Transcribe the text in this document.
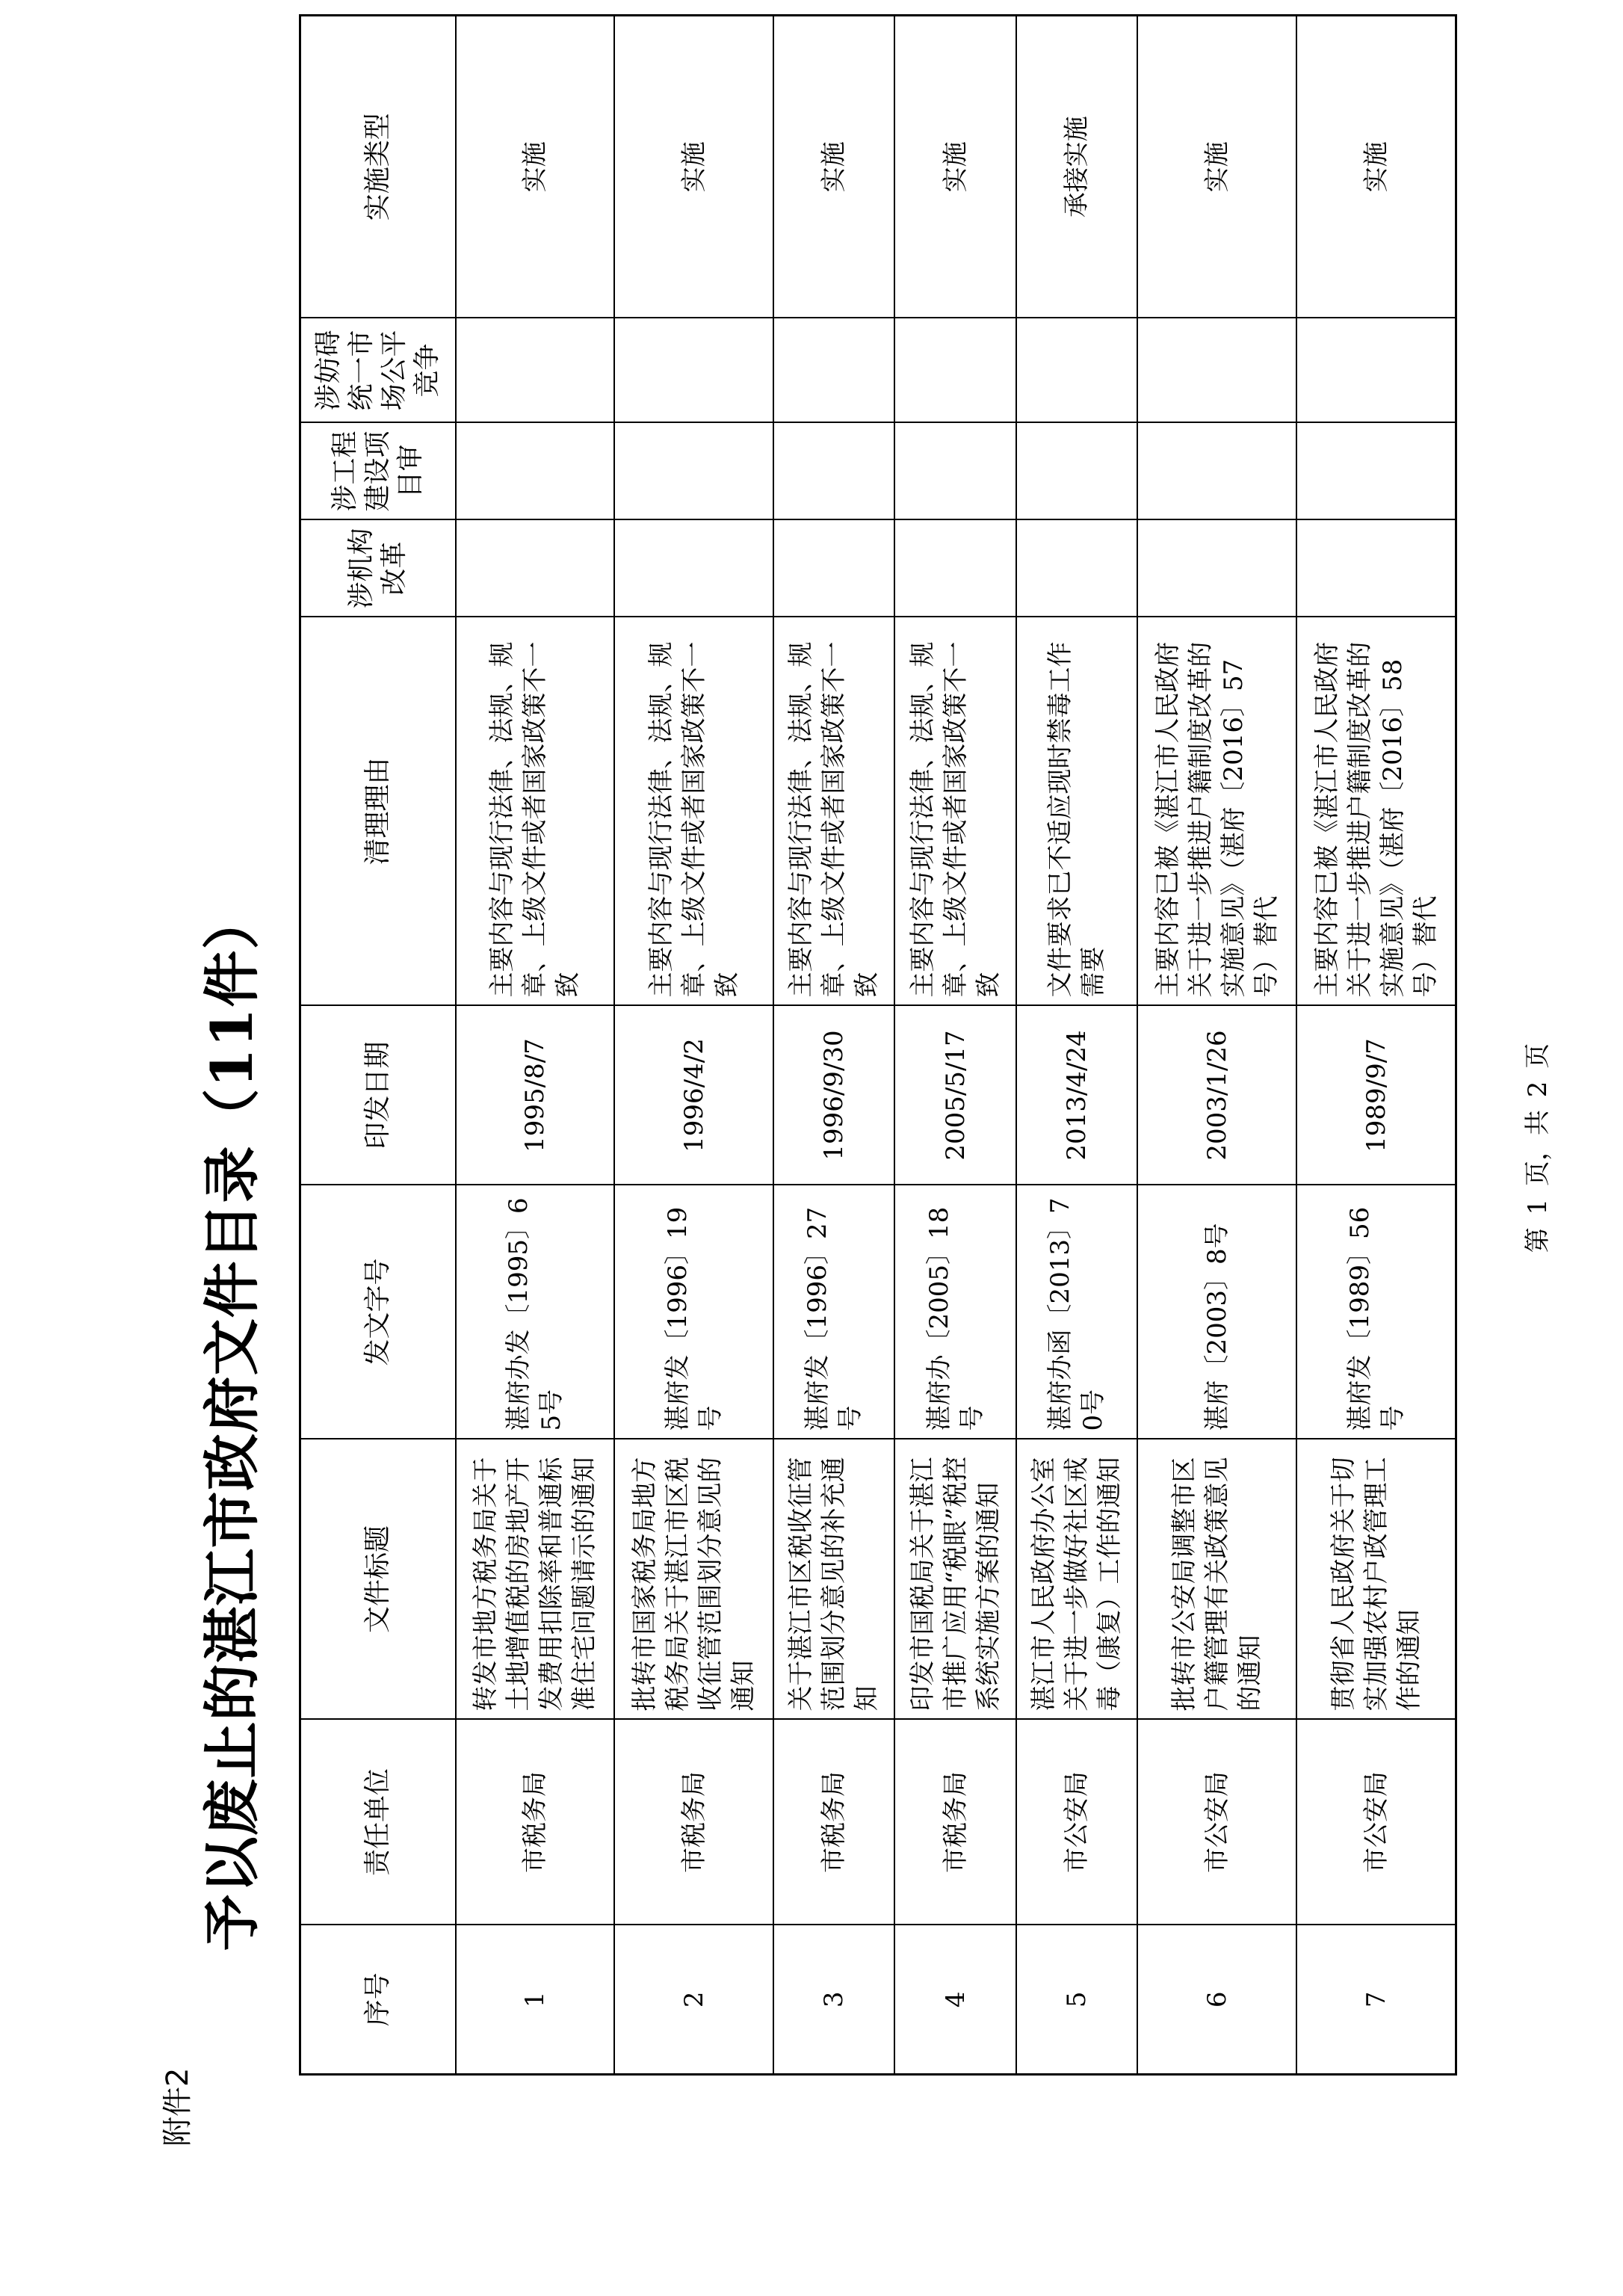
附件2
予以废止的湛江市政府文件目录（11件）
序号	责任单位	文件标题	发文字号	印发日期	清理理由	涉机构改革	涉工程建设项目审	涉妨碍统一市场公平竞争	实施类型
1	市税务局	转发市地方税务局关于土地增值税的房地产开发费用扣除率和普通标准住宅问题请示的通知	湛府办发〔1995〕65号	1995/8/7	主要内容与现行法律、法规、规章、上级文件或者国家政策不一致				实施
2	市税务局	批转市国家税务局地方税务局关于湛江市区税收征管范围划分意见的通知	湛府发〔1996〕19号	1996/4/2	主要内容与现行法律、法规、规章、上级文件或者国家政策不一致				实施
3	市税务局	关于湛江市区税收征管范围划分意见的补充通知	湛府发〔1996〕27号	1996/9/30	主要内容与现行法律、法规、规章、上级文件或者国家政策不一致				实施
4	市税务局	印发市国税局关于湛江市推广应用“税眼”税控系统实施方案的通知	湛府办〔2005〕18号	2005/5/17	主要内容与现行法律、法规、规章、上级文件或者国家政策不一致				实施
5	市公安局	湛江市人民政府办公室关于进一步做好社区戒毒（康复）工作的通知	湛府办函〔2013〕70号	2013/4/24	文件要求已不适应现时禁毒工作需要				承接实施
6	市公安局	批转市公安局调整市区户籍管理有关政策意见的通知	湛府〔2003〕8号	2003/1/26	主要内容已被《湛江市人民政府关于进一步推进户籍制度改革的实施意见》（湛府〔2016〕57号）替代				实施
7	市公安局	贯彻省人民政府关于切实加强农村户政管理工作的通知	湛府发〔1989〕56号	1989/9/7	主要内容已被《湛江市人民政府关于进一步推进户籍制度改革的实施意见》（湛府〔2016〕58号）替代				实施
第 1 页，共 2 页
